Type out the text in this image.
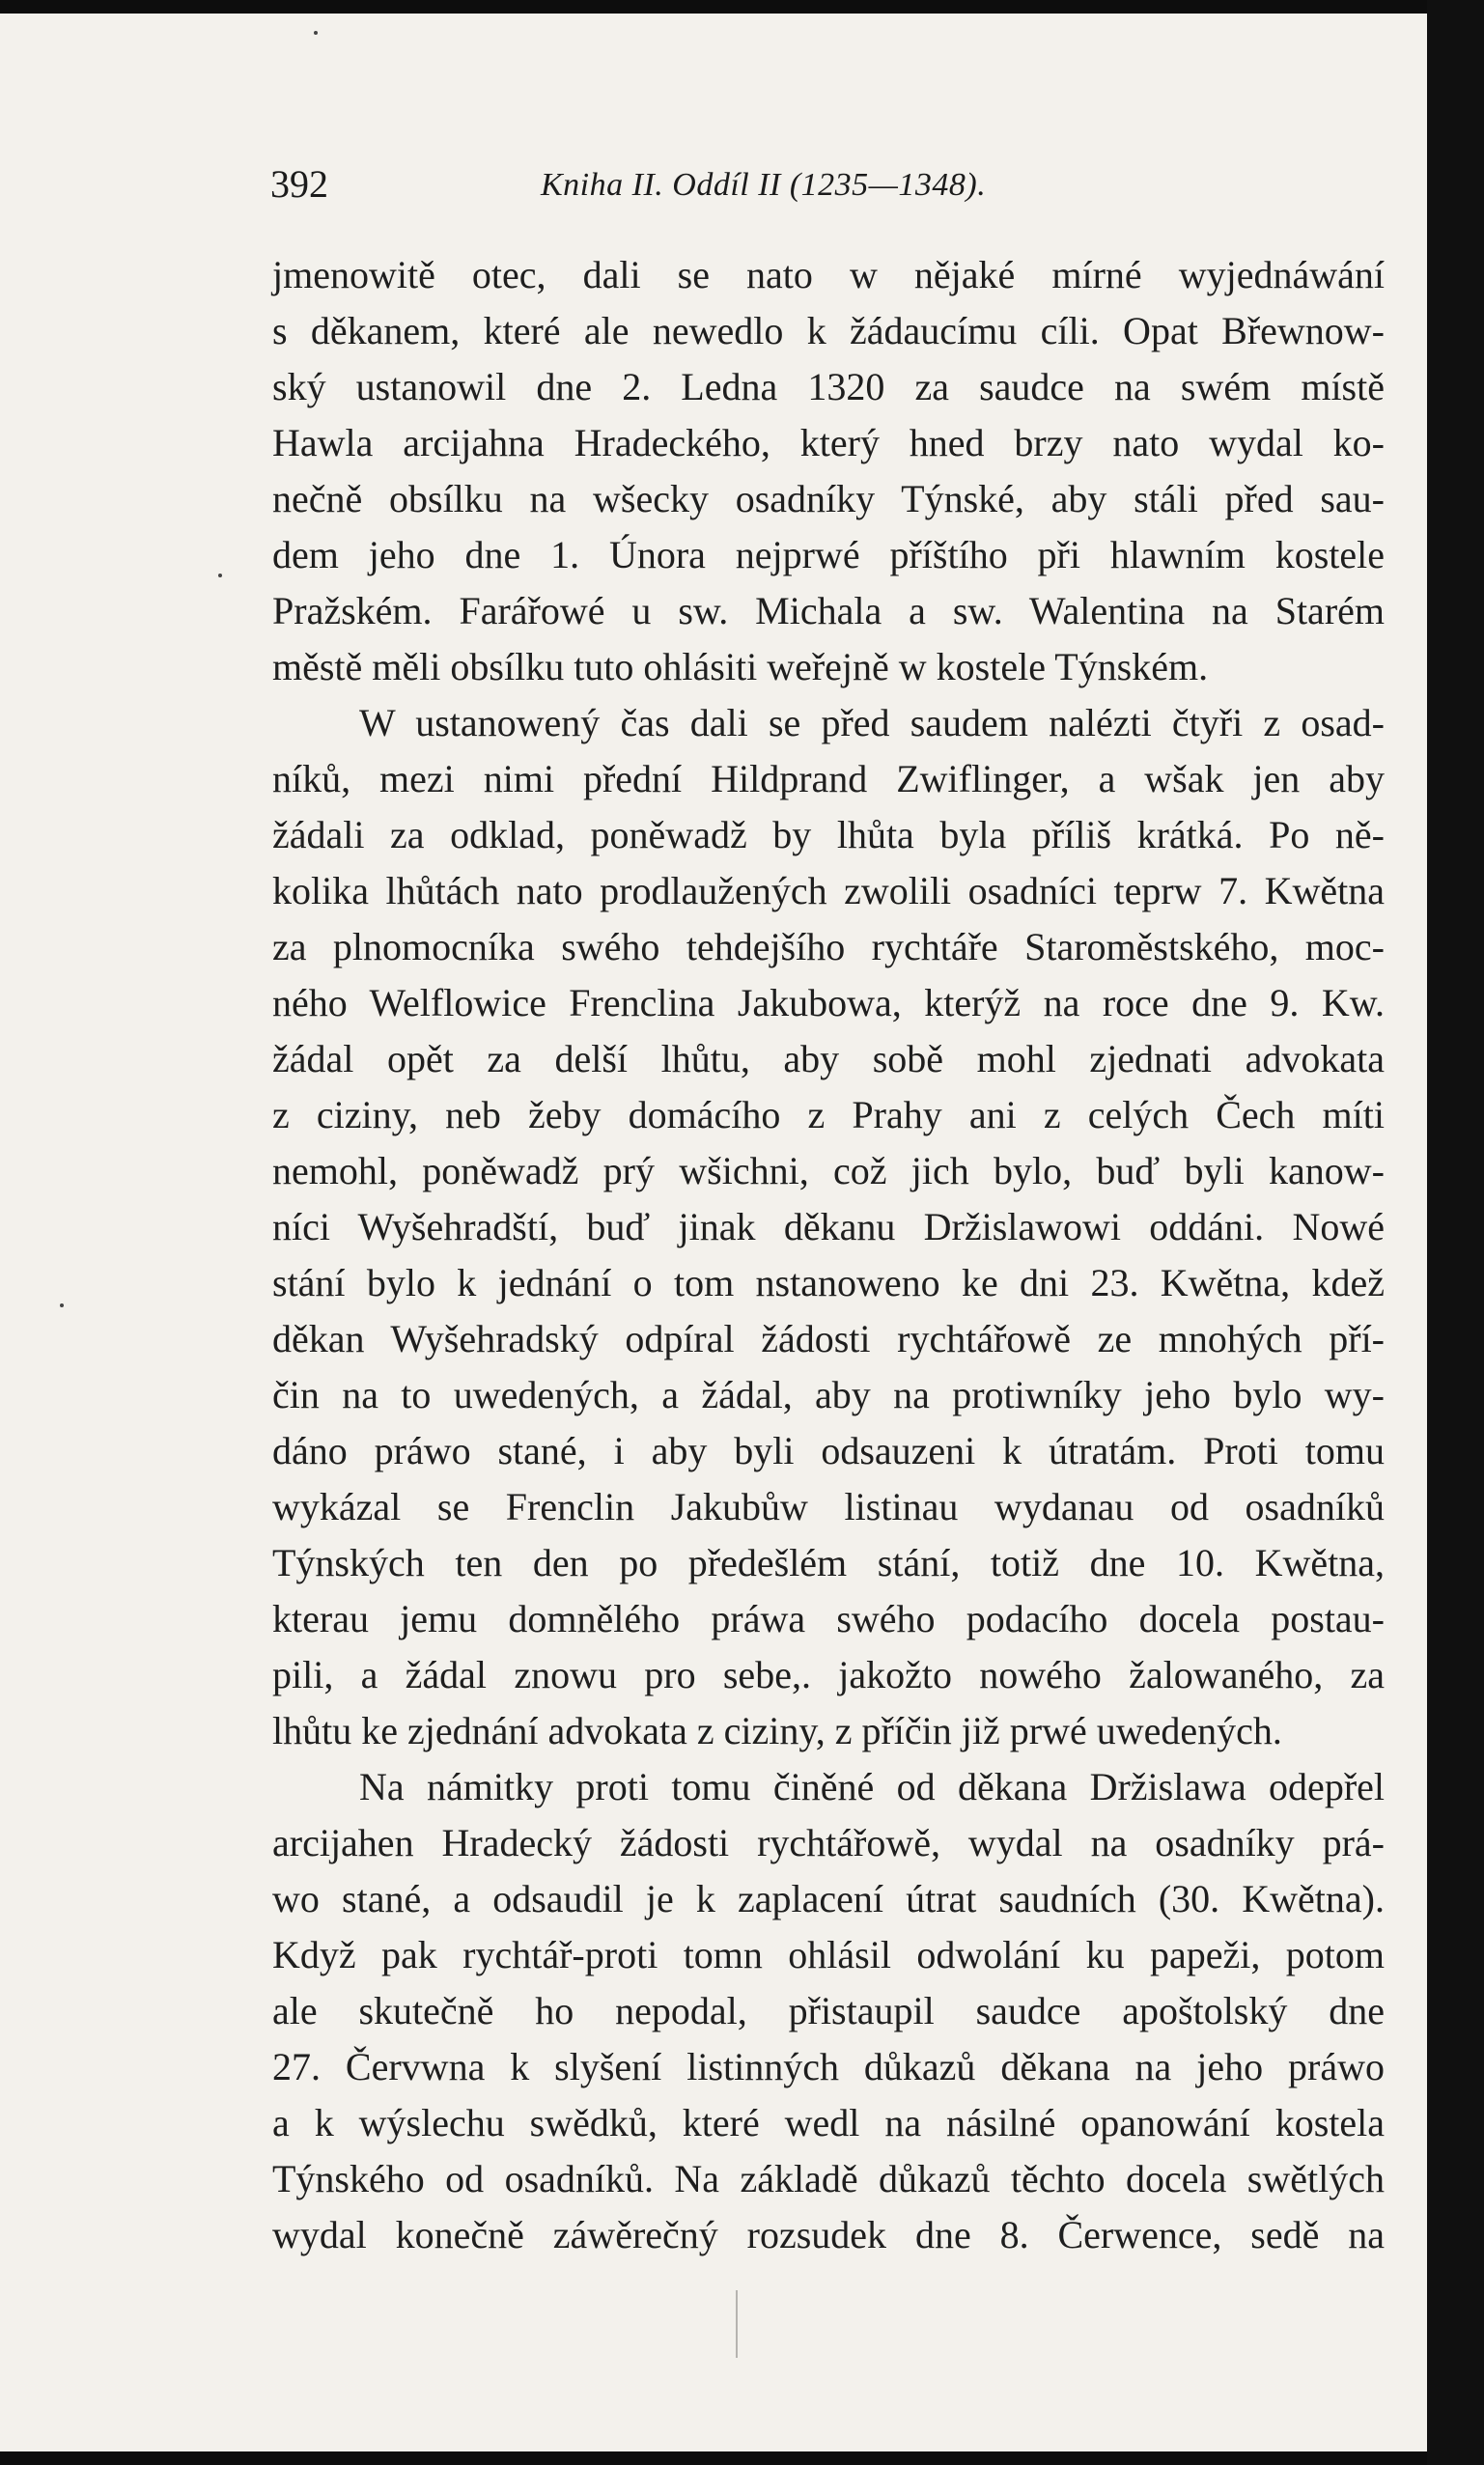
392	Kniha II. Oddíl II (1235—1348).
jmenowitě otec, dali se nato w nějaké mírné wyjednáwání
s děkanem, které ale newedlo k žádaucímu cíli. Opat Břewnow-
ský ustanowil dne 2. Ledna 1320 za saudce na swém místě
Hawla arcijahna Hradeckého, který hned brzy nato wydal ko-
nečně obsílku na wšecky osadníky Týnské, aby stáli před sau-
dem jeho dne 1. Února nejprwé příštího při hlawním kostele
Pražském. Farářowé u sw. Michala a sw. Walentina na Starém
městě měli obsílku tuto ohlásiti weřejně w kostele Týnském.
W ustanowený čas dali se před saudem nalézti čtyři z osad-
níků, mezi nimi přední Hildprand Zwiflinger, a wšak jen aby
žádali za odklad, poněwadž by lhůta byla příliš krátká. Po ně-
kolika lhůtách nato prodlaužených zwolili osadníci teprw 7. Kwětna
za plnomocníka swého tehdejšího rychtáře Staroměstského, moc-
ného Welflowice Frenclina Jakubowa, kterýž na roce dne 9. Kw.
žádal opět za delší lhůtu, aby sobě mohl zjednati advokata
z ciziny, neb žeby domácího z Prahy ani z celých Čech míti
nemohl, poněwadž prý wšichni, což jich bylo, buď byli kanow-
níci Wyšehradští, buď jinak děkanu Držislawowi oddáni. Nowé
stání bylo k jednání o tom nstanoweno ke dni 23. Kwětna, kdež
děkan Wyšehradský odpíral žádosti rychtářowě ze mnohých pří-
čin na to uwedených, a žádal, aby na protiwníky jeho bylo wy-
dáno práwo stané, i aby byli odsauzeni k útratám. Proti tomu
wykázal se Frenclin Jakubůw listinau wydanau od osadníků
Týnských ten den po předešlém stání, totiž dne 10. Kwětna,
kterau jemu domnělého práwa swého podacího docela postau-
pili, a žádal znowu pro sebe,. jakožto nowého žalowaného, za
lhůtu ke zjednání advokata z ciziny, z příčin již prwé uwedených.
Na námitky proti tomu činěné od děkana Držislawa odepřel
arcijahen Hradecký žádosti rychtářowě, wydal na osadníky prá-
wo stané, a odsaudil je k zaplacení útrat saudních (30. Kwětna).
Když pak rychtář-proti tomn ohlásil odwolání ku papeži, potom
ale skutečně ho nepodal, přistaupil saudce apoštolský dne
27. Červwna k slyšení listinných důkazů děkana na jeho práwo
a k wýslechu swědků, které wedl na násilné opanowání kostela
Týnského od osadníků. Na základě důkazů těchto docela swětlých
wydal konečně záwěrečný rozsudek dne 8. Čerwence, sedě na
